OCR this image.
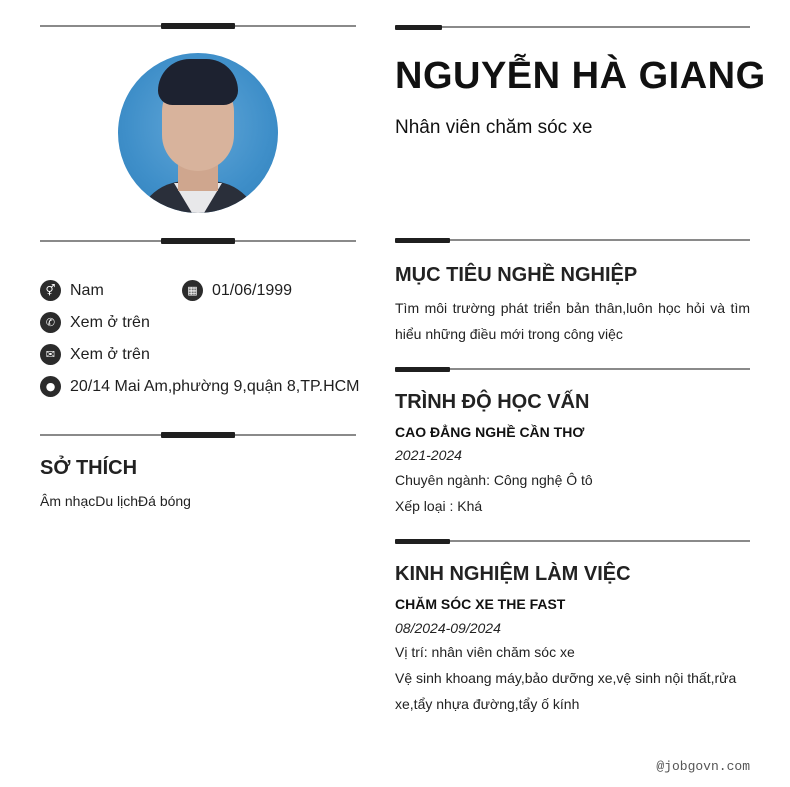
⚥ Nam	▦ 01/06/1999
✆ Xem ở trên
✉ Xem ở trên
● 20/14 Mai Am,phường 9,quận 8,TP.HCM
SỞ THÍCH
Âm nhạcDu lịchĐá bóng
NGUYỄN HÀ GIANG
Nhân viên chăm sóc xe
MỤC TIÊU NGHỀ NGHIỆP
Tìm môi trường phát triển bản thân,luôn học hỏi và tìm hiểu những điều mới trong công việc
TRÌNH ĐỘ HỌC VẤN
CAO ĐẲNG NGHỀ CẦN THƠ
2021-2024
Chuyên ngành: Công nghệ Ô tô
Xếp loại : Khá
KINH NGHIỆM LÀM VIỆC
CHĂM SÓC XE THE FAST
08/2024-09/2024
Vị trí: nhân viên chăm sóc xe
Vệ sinh khoang máy,bảo dưỡng xe,vệ sinh nội thất,rửa xe,tẩy nhựa đường,tẩy ố kính
@jobgovn.com
